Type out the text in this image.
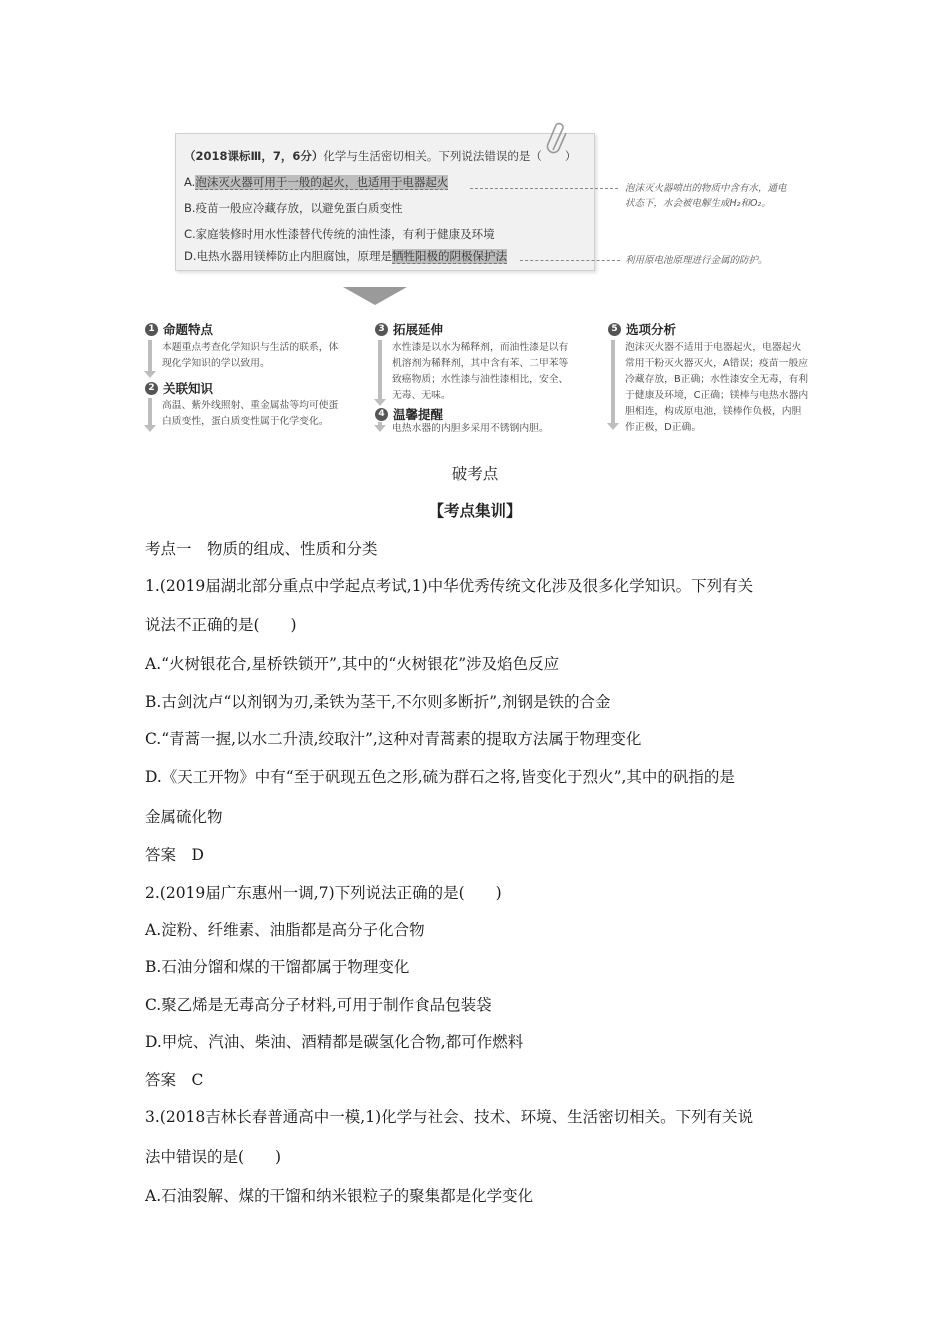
（2018课标Ⅲ，7，6分）化学与生活密切相关。下列说法错误的是（　　）
A.泡沫灭火器可用于一般的起火，也适用于电器起火
B.疫苗一般应冷藏存放，以避免蛋白质变性
C.家庭装修时用水性漆替代传统的油性漆，有利于健康及环境
D.电热水器用镁棒防止内胆腐蚀，原理是牺牲阳极的阴极保护法
泡沫灭火器喷出的物质中含有水，通电
状态下，水会被电解生成H₂和O₂。
利用原电池原理进行金属的防护。
1 命题特点
本题重点考查化学知识与生活的联系，体
现化学知识的学以致用。
2 关联知识
高温、紫外线照射、重金属盐等均可使蛋
白质变性，蛋白质变性属于化学变化。
3 拓展延伸
水性漆是以水为稀释剂，而油性漆是以有
机溶剂为稀释剂，其中含有苯、二甲苯等
致癌物质；水性漆与油性漆相比，安全、
无毒、无味。
4 温馨提醒
电热水器的内胆多采用不锈钢内胆。
5 选项分析
泡沫灭火器不适用于电器起火，电器起火
常用干粉灭火器灭火，A错误；疫苗一般应
冷藏存放，B正确；水性漆安全无毒，有利
于健康及环境，C正确；镁棒与电热水器内
胆相连，构成原电池，镁棒作负极，内胆
作正极，D正确。
破考点
【考点集训】
考点一　物质的组成、性质和分类
1.(2019届湖北部分重点中学起点考试,1)中华优秀传统文化涉及很多化学知识。下列有关
说法不正确的是(　　)
A.“火树银花合,星桥铁锁开”,其中的“火树银花”涉及焰色反应
B.古剑沈卢“以剂钢为刃,柔铁为茎干,不尔则多断折”,剂钢是铁的合金
C.“青蒿一握,以水二升渍,绞取汁”,这种对青蒿素的提取方法属于物理变化
D.《天工开物》中有“至于矾现五色之形,硫为群石之将,皆变化于烈火”,其中的矾指的是
金属硫化物
答案　D
2.(2019届广东惠州一调,7)下列说法正确的是(　　)
A.淀粉、纤维素、油脂都是高分子化合物
B.石油分馏和煤的干馏都属于物理变化
C.聚乙烯是无毒高分子材料,可用于制作食品包装袋
D.甲烷、汽油、柴油、酒精都是碳氢化合物,都可作燃料
答案　C
3.(2018吉林长春普通高中一模,1)化学与社会、技术、环境、生活密切相关。下列有关说
法中错误的是(　　)
A.石油裂解、煤的干馏和纳米银粒子的聚集都是化学变化
